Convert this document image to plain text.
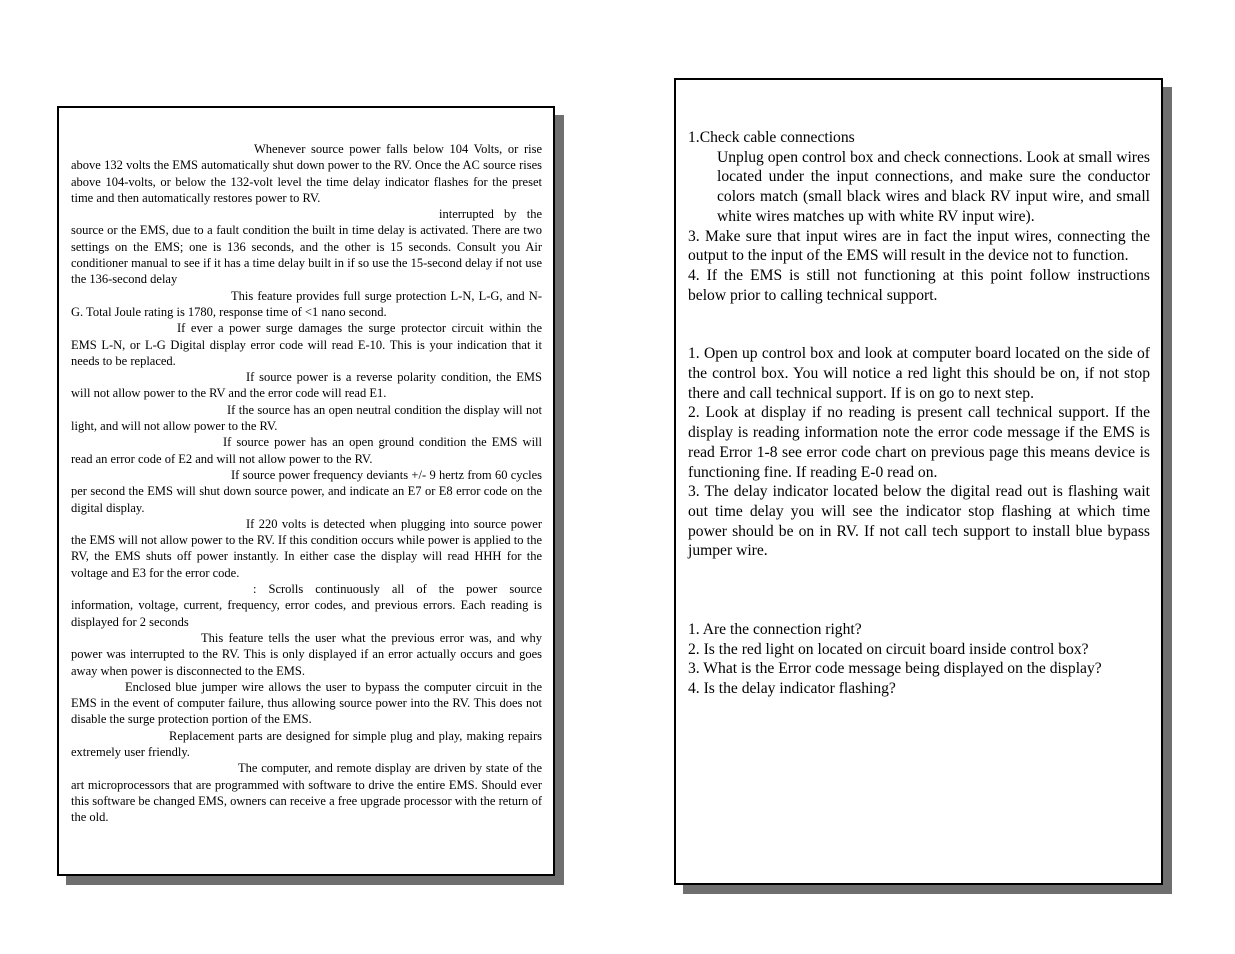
Whenever source power falls below 104 Volts, or rise above 132 volts the EMS automatically shut down power to the RV. Once the AC source rises above 104-volts, or below the 132-volt level the time delay indicator flashes for the preset time and then automatically restores power to RV.

interrupted by the source or the EMS, due to a fault condition the built in time delay is activated. There are two settings on the EMS; one is 136 seconds, and the other is 15 seconds. Consult you Air conditioner manual to see if it has a time delay built in if so use the 15-second delay if not use the 136-second delay

This feature provides full surge protection L-N, L-G, and N-G. Total Joule rating is 1780, response time of <1 nano second.

If ever a power surge damages the surge protector circuit within the EMS L-N, or L-G Digital display error code will read E-10. This is your indication that it needs to be replaced.

If source power is a reverse polarity condition, the EMS will not allow power to the RV and the error code will read E1.

If the source has an open neutral condition the display will not light, and will not allow power to the RV.

If source power has an open ground condition the EMS will read an error code of E2 and will not allow power to the RV.

If source power frequency deviants +/- 9 hertz from 60 cycles per second the EMS will shut down source power, and indicate an E7 or E8 error code on the digital display.

If 220 volts is detected when plugging into source power the EMS will not allow power to the RV. If this condition occurs while power is applied to the RV, the EMS shuts off power instantly. In either case the display will read HHH for the voltage and E3 for the error code.

: Scrolls continuously all of the power source information, voltage, current, frequency, error codes, and previous errors. Each reading is displayed for 2 seconds

This feature tells the user what the previous error was, and why power was interrupted to the RV. This is only displayed if an error actually occurs and goes away when power is disconnected to the EMS.

Enclosed blue jumper wire allows the user to bypass the computer circuit in the EMS in the event of computer failure, thus allowing source power into the RV. This does not disable the surge protection portion of the EMS.

Replacement parts are designed for simple plug and play, making repairs extremely user friendly.

The computer, and remote display are driven by state of the art microprocessors that are programmed with software to drive the entire EMS. Should ever this software be changed EMS, owners can receive a free upgrade processor with the return of the old.

1.Check cable connections

Unplug open control box and check connections. Look at small wires located under the input connections, and make sure the conductor colors match (small black wires and black RV input wire, and small white wires matches up with white RV input wire).

3. Make sure that input wires are in fact the input wires, connecting the output to the input of the EMS will result in the device not to function.

4. If the EMS is still not functioning at this point follow instructions below prior to calling technical support.

1. Open up control box and look at computer board located on the side of the control box. You will notice a red light this should be on, if not stop there and call technical support. If is on go to next step.

2. Look at display if no reading is present call technical support. If the display is reading information note the error code message if the EMS is read Error 1-8 see error code chart on previous page this means device is functioning fine. If reading E-0 read on.

3. The delay indicator located below the digital read out is flashing wait out time delay you will see the indicator stop flashing at which time power should be on in RV. If not call tech support to install blue bypass jumper wire.

1. Are the connection right?

2. Is the red light on located on circuit board inside control box?

3. What is the Error code message being displayed on the display?

4. Is the delay indicator flashing?
